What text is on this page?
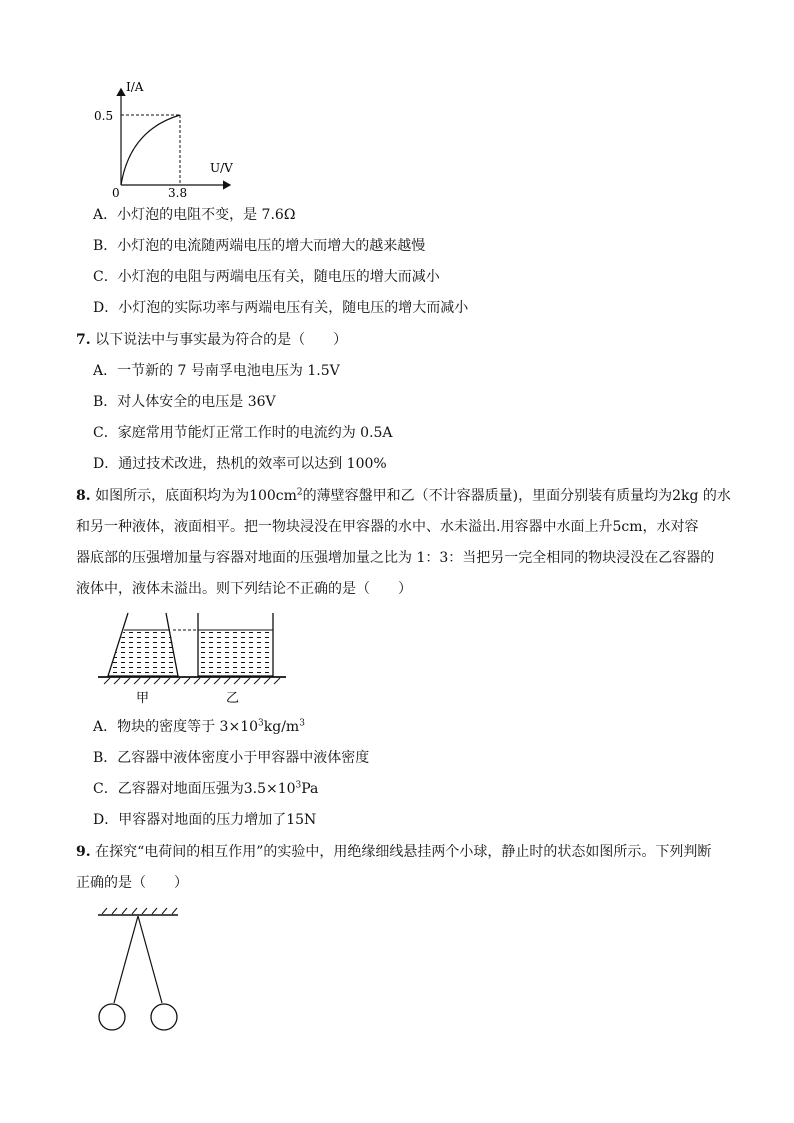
I/A
U/V
0.5
0	3.8
A．小灯泡的电阻不变，是 7.6Ω
B．小灯泡的电流随两端电压的增大而增大的越来越慢
C．小灯泡的电阻与两端电压有关，随电压的增大而减小
D．小灯泡的实际功率与两端电压有关，随电压的增大而减小
7. 以下说法中与事实最为符合的是（　　）
A．一节新的 7 号南孚电池电压为 1.5V
B．对人体安全的电压是 36V
C．家庭常用节能灯正常工作时的电流约为 0.5A
D．通过技术改进，热机的效率可以达到 100%
8. 如图所示，底面积均为为$100cm^2$的薄壁容盤甲和乙（不计容器质量)，里面分别装有质量均为2kg 的水
和另一种液体，液面相平。把一物块浸没在甲容器的水中、水未溢出.用容器中水面上升5cm，水对容
器底部的压强增加量与容器对地面的压强增加量之比为 1：3：当把另一完全相同的物块浸没在乙容器的
液体中，液体未溢出。则下列结论不正确的是（　　）
甲	乙
A．物块的密度等于 $3\times 10^3kg/m^3$
B．乙容器中液体密度小于甲容器中液体密度
C．乙容器对地面压强为$3.5\times 10^3Pa$
D．甲容器对地面的压力增加了15N
9. 在探究“电荷间的相互作用”的实验中，用绝缘细线悬挂两个小球，静止时的状态如图所示。下列判断
正确的是（　　）
